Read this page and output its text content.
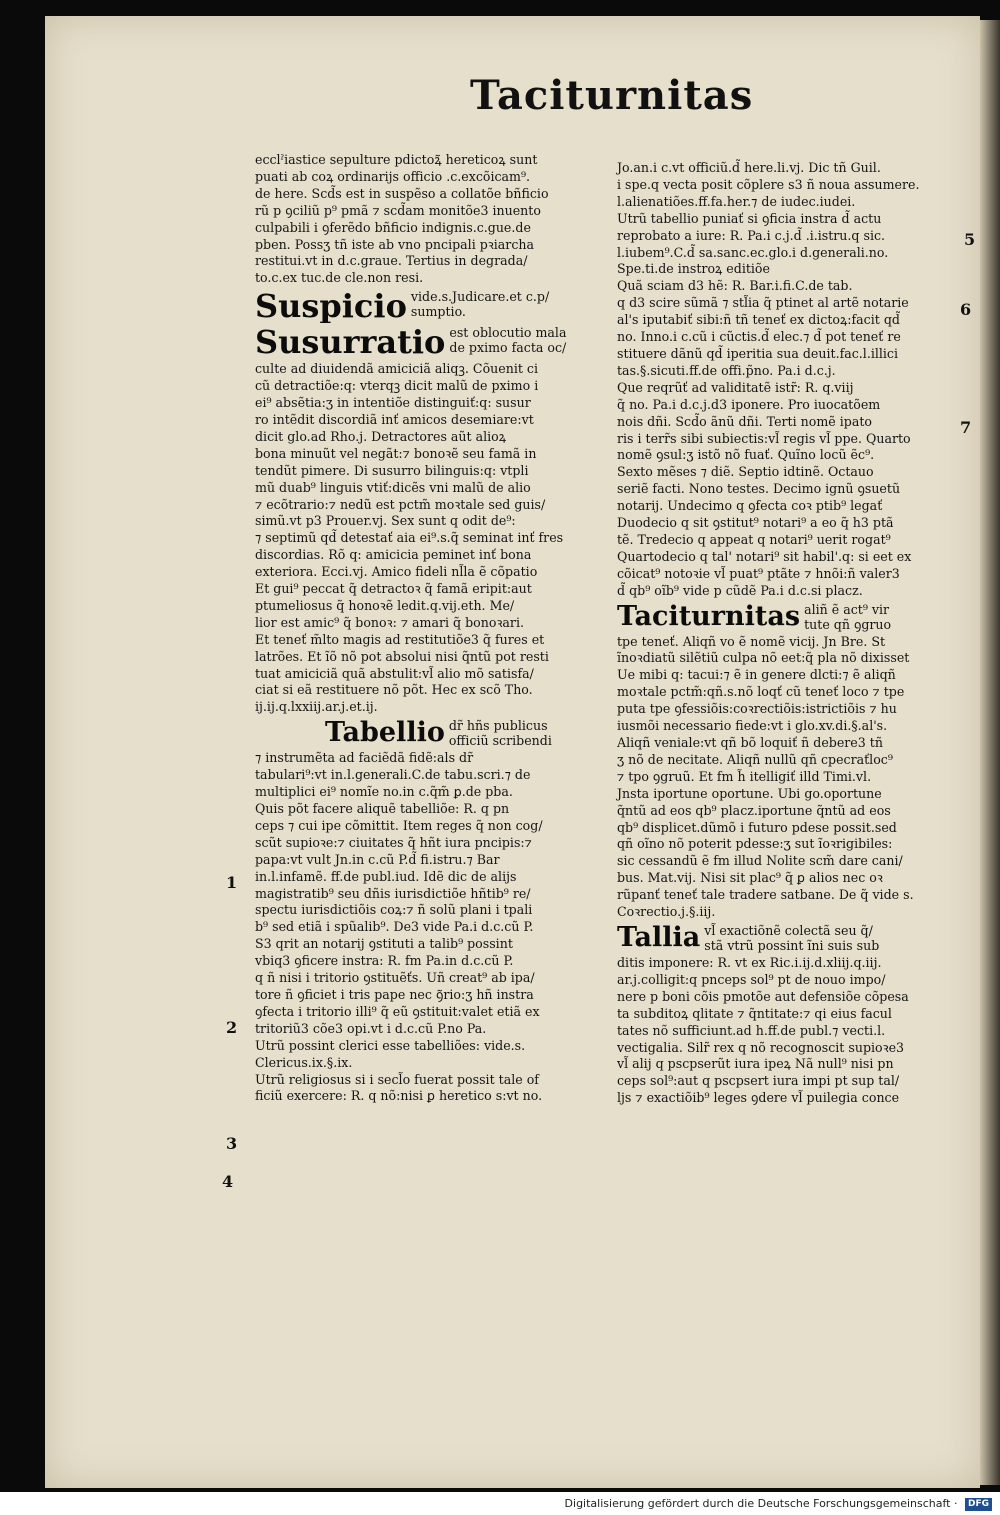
Taciturnitas

ecclˀiastice sepulture pdictoꝝ̃ hereticoꝝ sunt
puati ab coꝝ ordinarijs officio .c.excõicam⁹.
de here. Scd̃s est in suspẽso a collatõe bñficio
rũ p ꝯciliũ p⁹ pmã ⁊ scd̃am monitõe3 inuento
culpabili i ꝯferẽdo bñficio indignis.c.gue.de
pben. Possʒ tñ iste ab vno pncipali pꝛiarcha
restitui.vt in d.c.graue. Tertius in degrada/
to.c.ex tuc.de cle.non resi.

Suspicio vide.s.Judicare.et c.p/
sumptio.
Susurratio est oblocutio mala
de pximo facta oc/

culte ad diuidendã amiciciã aliqꝫ. Cõuenit ci
cũ detractiõe:q: vterqꝫ dicit malũ de pximo i
ei⁹ absẽtia:ʒ in intentiõe distinguiť:q: susur
ro intẽdit discordiã inť amicos desemiare:vt
dicit glo.ad Rho.j. Detractores aũt alioꝝ
bona minuũt vel negãt:⁊ bonoꝛẽ seu famã in
tendũt pimere. Di susurro bilinguis:q: vtpli
mũ duab⁹ linguis vtiť:dicẽs vni malũ de alio
⁊ ecõtrario:⁊ nedũ est pctm̃ moꝛtale sed guis/
simũ.vt p3 Prouer.vj. Sex sunt q odit de⁹:
⁊ septimũ qd̃ detestať aia ei⁹.s.q̃ seminat inť fres
discordias. Rõ q: amicicia peminet inť bona
exteriora. Ecci.vj. Amico fideli nl̃la ẽ cõpatio
Et gui⁹ peccat q̃ detractoꝛ q̃ famã eripit:aut
ptumeliosus q̃ honoꝛẽ ledit.q.vij.eth. Me/
lior est amic⁹ q̃ bonoꝛ: ⁊ amari q̃ bonoꝛari.
Et teneť m̃lto magis ad restitutiõe3 q̃ fures et
latrões. Et ĩõ nõ pot absolui nisi q̃ntũ pot resti
tuat amiciciã quã abstulit:vl̃ alio mõ satisfa/
ciat si eã restituere nõ põt. Hec ex scõ Tho.
ij.ij.q.lxxiij.ar.j.et.ij.

Tabellio dr̃ hñs publicus
officiũ scribendi

⁊ instrumẽta ad faciẽdã fidẽ:als dr̃
tabulari⁹:vt in.l.generali.C.de tabu.scri.⁊ de
multiplici ei⁹ nomĩe no.in c.q̃m̃ ꝑ.de pba.

Quis põt facere aliquẽ tabelliõe: R. q pn
ceps ⁊ cui ipe cõmittit. Item reges q̃ non cog/
scũt supioꝛe:⁊ ciuitates q̃ hñt iura pncipis:⁊
papa:vt vult Jn.in c.cũ P.d̃ fi.istru.⁊ Bar
in.l.infamẽ. ff.de publ.iud. Idẽ dic de alijs
magistratib⁹ seu dñis iurisdictiõe hñtib⁹ re/
spectu iurisdictiõis coꝝ:⁊ ñ solũ plani i tpali
b⁹ sed etiã i spũalib⁹. De3 vide Pa.i d.c.cũ P.

S3 qrit an notarij ꝯstituti a talib⁹ possint
vbiq3 ꝯficere instra: R. fm Pa.in d.c.cũ P.
q ñ nisi i tritorio ꝯstituẽťs. Uñ creat⁹ ab ipa/
tore ñ ꝯficiet i tris pape nec ꝯ̃rio:ʒ hñ instra
ꝯfecta i tritorio illi⁹ q̃ eũ ꝯstituit:valet etiã ex
tritoriũ3 cõe3 opi.vt i d.c.cũ P.no Pa.

Utrũ possint clerici esse tabelliões: vide.s.
Clericus.ix.§.ix.

Utrũ religiosus si i secl̃o fuerat possit tale of
ficiũ exercere: R. q nõ:nisi ꝑ heretico s:vt no.

Jo.an.i c.vt officiũ.d̃ here.li.vj. Dic tñ Guil.
i spe.q vecta posit cõplere s3 ñ noua assumere.
l.alienatiões.ff.fa.her.⁊ de iudec.iudei.

Utrũ tabellio puniať si ꝯficia instra d̃ actu
reprobato a iure: R. Pa.i c.j.d̃ .i.istru.q sic.
l.iubem⁹.C.d̃ sa.sanc.ec.glo.i d.generali.no.
Spe.ti.de instroꝝ editiõe

Quã sciam d3 hẽ: R. Bar.i.fi.C.de tab.
q d3 scire sũmã ⁊ stl̃ia q̃ ptinet al artẽ notarie
al's iputabiť sibi:ñ tñ teneť ex dictoꝝ:facit qd̃
no. Inno.i c.cũ i cũctis.d̃ elec.⁊ d̃ pot teneť re
stituere dãnũ qd̃ iperitia sua deuit.fac.l.illici
tas.§.sicuti.ff.de offi.p̃no. Pa.i d.c.j.

Que reqrũť ad validitatẽ istr̃: R. q.viij
q̃ no. Pa.i d.c.j.d3 iponere. Pro iuocatõem
nois dñi. Scd̃o ãnũ dñi. Terti nomẽ ipato
ris i terr̃s sibi subiectis:vl̃ regis vl̃ ppe. Quarto
nomẽ ꝯsul:ʒ istõ nõ fuať. Quĩno locũ ẽc⁹.
Sexto mẽses ⁊ diẽ. Septio idtinẽ. Octauo
seriẽ facti. Nono testes. Decimo ignũ ꝯsuetũ
notarij. Undecimo q ꝯfecta coꝛ ptib⁹ legať
Duodecio q sit ꝯstitut⁹ notari⁹ a eo q̃ h3 ptã
tẽ. Tredecio q appeat q notari⁹ uerit rogat⁹
Quartodecio q tal' notari⁹ sit habil'.q: si eet ex
cõicat⁹ notoꝛie vl̃ puat⁹ ptãte ⁊ hnõi:ñ valer3
d̃ qb⁹ oĩb⁹ vide p cũdẽ Pa.i d.c.si placz.

Taciturnitas aliñ ẽ act⁹ vir
tute qñ ꝯgruo

tpe teneť. Aliqñ vo ẽ nomẽ vicij. Jn Bre. St
ĩnoꝛdiatũ silẽtiũ culpa nõ eet:q̃ pla nõ dixisset
Ue mibi q: tacui:⁊ ẽ in genere dlcti:⁊ ẽ aliqñ
moꝛtale pctm̃:qñ.s.nõ loqť cũ teneť loco ⁊ tpe
puta tpe ꝯfessiõis:coꝛrectiõis:istrictiõis ⁊ hu
iusmõi necessario fiede:vt i glo.xv.di.§.al's.
Aliqñ veniale:vt qñ bõ loquiť ñ debere3 tñ
ʒ nõ de necitate. Aliqñ nullũ qñ cpecraťloc⁹
⁊ tpo ꝯgruũ. Et fm h̃ itelligiť illd Timi.vl.
Jnsta iportune oportune. Ubi go.oportune
q̃ntũ ad eos qb⁹ placz.iportune q̃ntũ ad eos
qb⁹ displicet.dũmõ i futuro pdese possit.sed
qñ oĩno nõ poterit pdesse:ʒ sut ĩoꝛrigibiles:
sic cessandũ ẽ fm illud Nolite scm̃ dare cani/
bus. Mat.vij. Nisi sit plac⁹ q̃ ꝑ alios nec oꝛ
rũpanť teneť tale tradere satbane. De q̃ vide s.
Coꝛrectio.j.§.iij.

Tallia vl̃ exactiõnẽ colectã seu q̃/
stã vtrũ possint ĩni suis sub

ditis imponere: R. vt ex Ric.i.ij.d.xliij.q.iij.
ar.j.colligit:q pnceps sol⁹ pt de nouo impo/
nere p boni cõis pmotõe aut defensiõe cõpesa
ta subditoꝝ qlitate ⁊ q̃ntitate:⁊ qi eius facul
tates nõ sufficiunt.ad h.ff.de publ.⁊ vecti.l.
vectigalia. Silr̃ rex q nõ recognoscit supioꝛe3
vl̃ alij q pscpserũt iura ipeꝝ Nã null⁹ nisi pn
ceps sol⁹:aut q pscpsert iura impi pt sup tal/
ljs ⁊ exactiõib⁹ leges ꝯdere vl̃ puilegia conce

1
2
3
4
5
6
7
Digitalisierung gefördert durch die Deutsche Forschungsgemeinschaft · DFG
